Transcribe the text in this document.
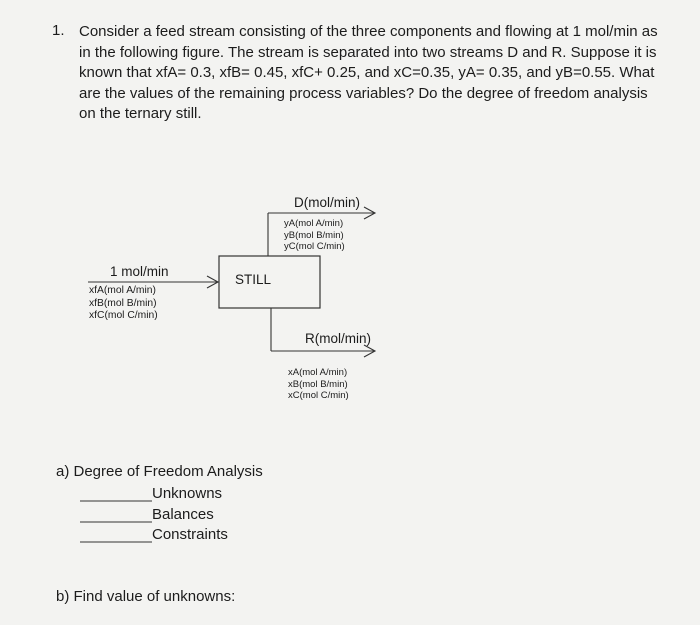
1. Consider a feed stream consisting of the three components and flowing at 1 mol/min as
in the following figure. The stream is separated into two streams D and R. Suppose it is
known that xfA= 0.3, xfB= 0.45, xfC+ 0.25, and xC=0.35, yA= 0.35, and yB=0.55. What
are the values of the remaining process variables? Do the degree of freedom analysis
on the ternary still.
STILL
1 mol/min
xfA(mol A/min)
xfB(mol B/min)
xfC(mol C/min)
D(mol/min)
yA(mol A/min)
yB(mol B/min)
yC(mol C/min)
R(mol/min)
xA(mol A/min)
xB(mol B/min)
xC(mol C/min)
a) Degree of Freedom Analysis
Unknowns
Balances
Constraints
b) Find value of unknowns:
